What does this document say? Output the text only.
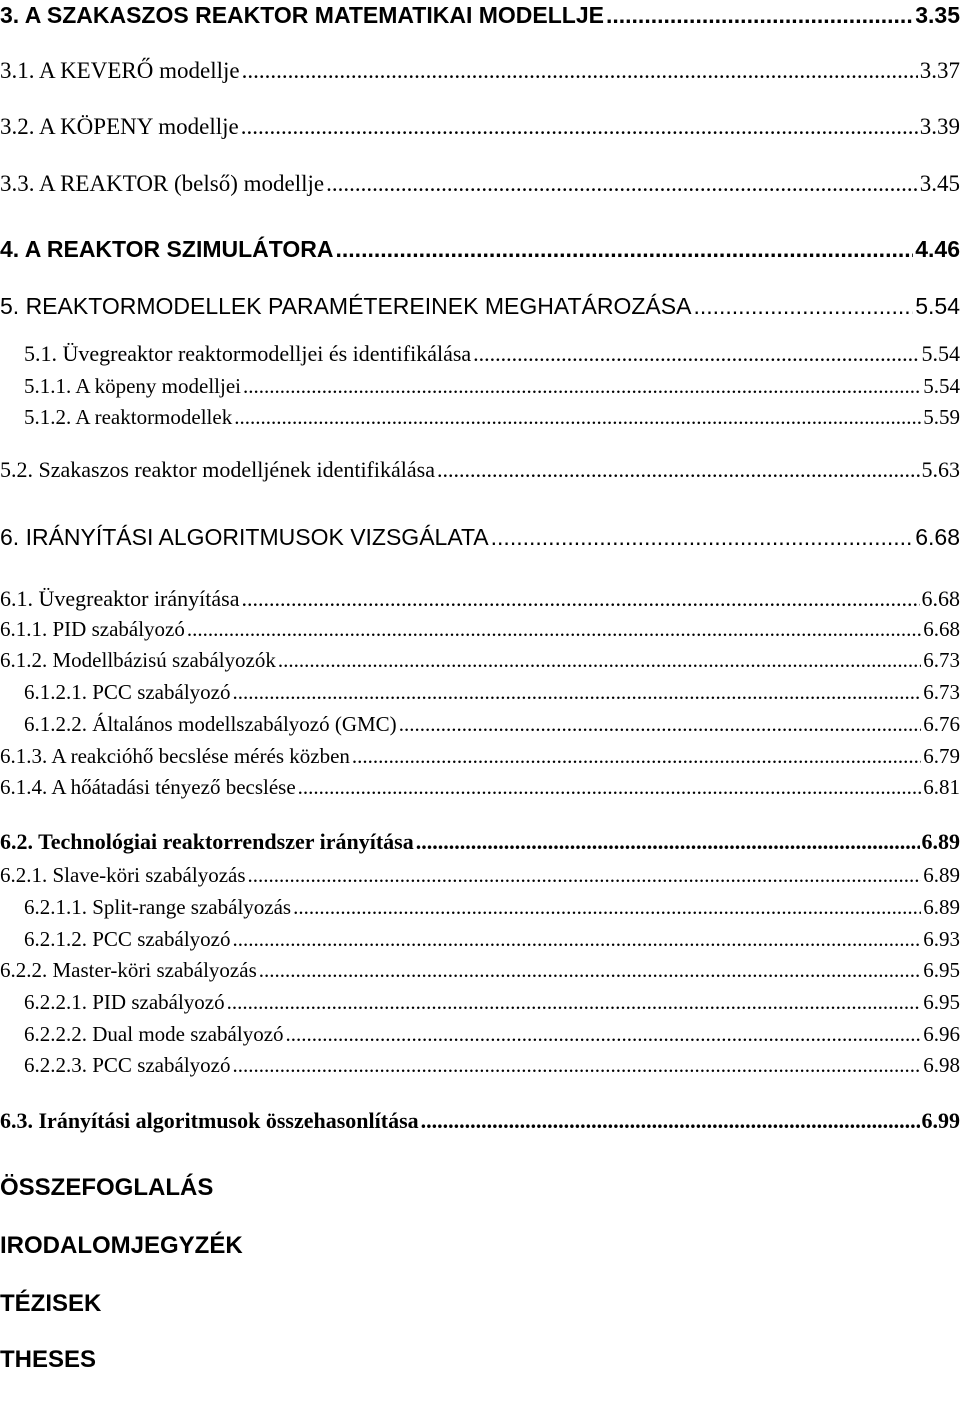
3. A SZAKASZOS REAKTOR MATEMATIKAI MODELLJE .....	3.35
3.1. A KEVERŐ modellje .....	3.37
3.2. A KÖPENY modellje .....	3.39
3.3. A REAKTOR (belső) modellje .....	3.45
4. A REAKTOR SZIMULÁTORA .....	4.46
5. REAKTORMODELLEK PARAMÉTEREINEK MEGHATÁROZÁSA .....	5.54
5.1. Üvegreaktor reaktormodelljei és identifikálása .....	5.54
5.1.1. A köpeny modelljei .....	5.54
5.1.2. A reaktormodellek .....	5.59
5.2. Szakaszos reaktor modelljének identifikálása .....	5.63
6. IRÁNYÍTÁSI ALGORITMUSOK VIZSGÁLATA .....	6.68
6.1. Üvegreaktor irányítása .....	6.68
6.1.1. PID szabályozó .....	6.68
6.1.2. Modellbázisú szabályozók .....	6.73
6.1.2.1. PCC szabályozó .....	6.73
6.1.2.2. Általános modellszabályozó (GMC) .....	6.76
6.1.3. A reakcióhő becslése mérés közben .....	6.79
6.1.4. A hőátadási tényező becslése .....	6.81
6.2. Technológiai reaktorrendszer irányítása .....	6.89
6.2.1. Slave-köri szabályozás .....	6.89
6.2.1.1. Split-range szabályozás .....	6.89
6.2.1.2. PCC szabályozó .....	6.93
6.2.2. Master-köri szabályozás .....	6.95
6.2.2.1. PID szabályozó .....	6.95
6.2.2.2. Dual mode szabályozó .....	6.96
6.2.2.3. PCC szabályozó .....	6.98
6.3. Irányítási algoritmusok összehasonlítása .....	6.99
ÖSSZEFOGLALÁS
IRODALOMJEGYZÉK
TÉZISEK
THESES
